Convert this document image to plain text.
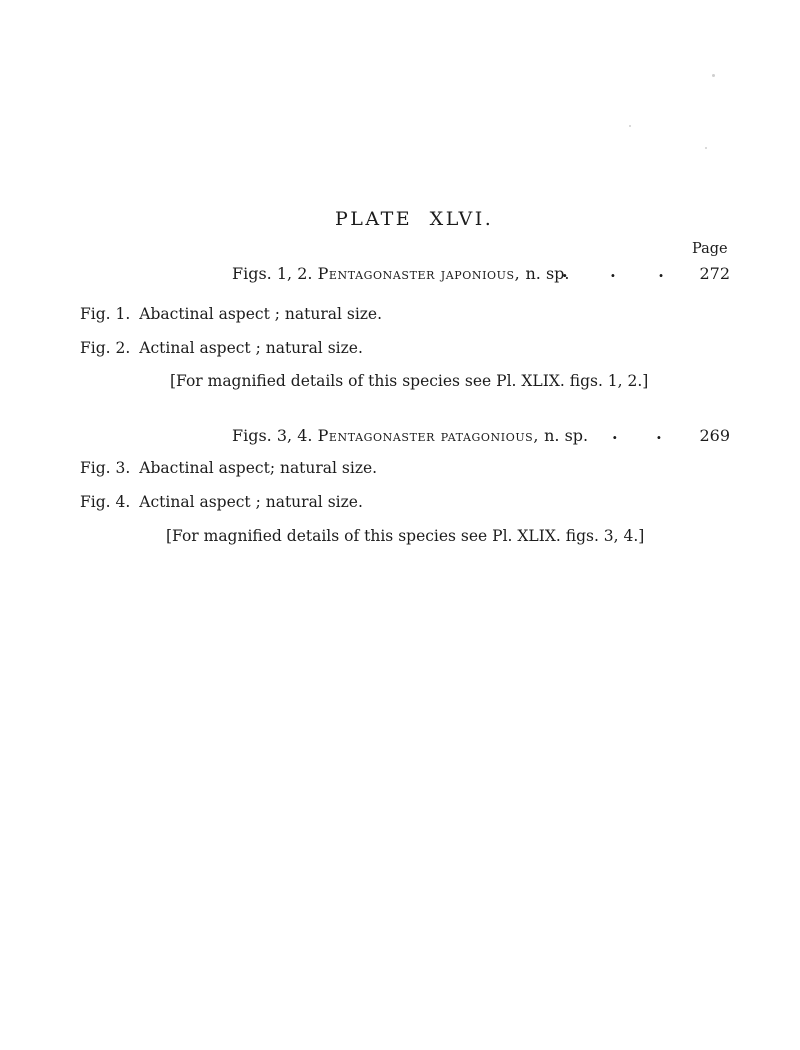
PLATE XLVI.
Page
Figs. 1, 2. Pentagonaster japonious, n. sp.
. . .	272
Fig. 1. Abactinal aspect ; natural size.
Fig. 2. Actinal aspect ; natural size.
[For magnified details of this species see Pl. XLIX. figs. 1, 2.]
Figs. 3, 4. Pentagonaster patagonious, n. sp. . .	269
Fig. 3. Abactinal aspect; natural size.
Fig. 4. Actinal aspect ; natural size.
[For magnified details of this species see Pl. XLIX. figs. 3, 4.]
